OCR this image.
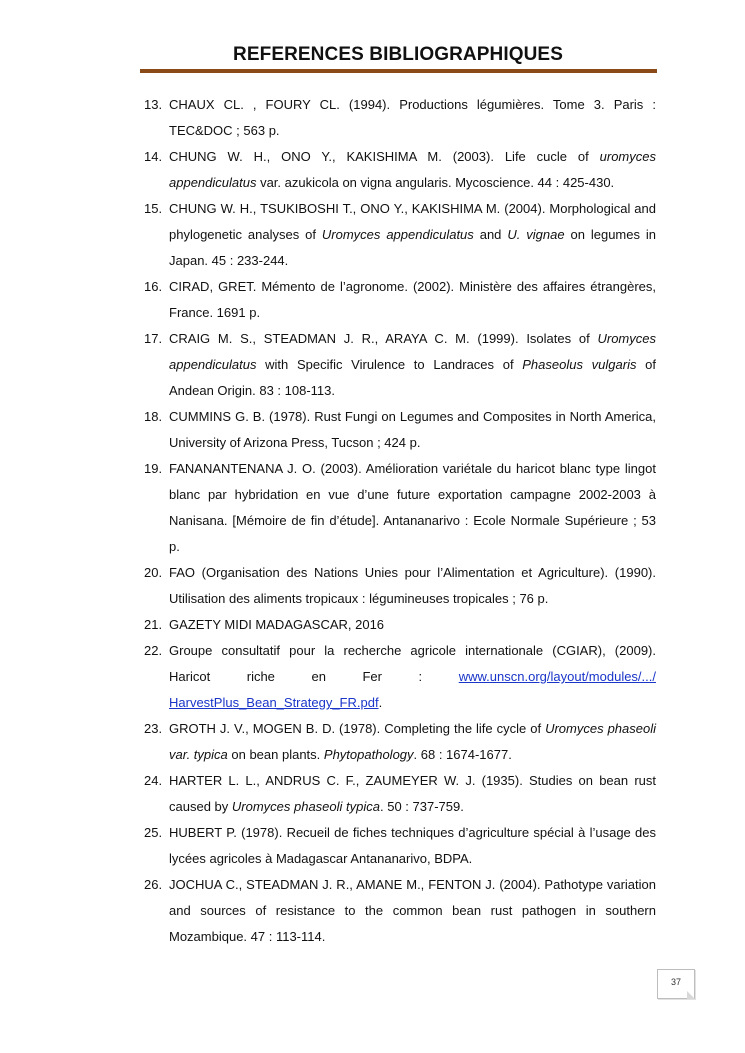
REFERENCES BIBLIOGRAPHIQUES
13. CHAUX CL. , FOURY CL. (1994). Productions légumières. Tome 3. Paris : TEC&DOC ; 563 p.
14. CHUNG W. H., ONO Y., KAKISHIMA M. (2003). Life cucle of uromyces appendiculatus var. azukicola on vigna angularis. Mycoscience. 44 : 425-430.
15. CHUNG W. H., TSUKIBOSHI T., ONO Y., KAKISHIMA M. (2004). Morphological and phylogenetic analyses of Uromyces appendiculatus and U. vignae on legumes in Japan. 45 : 233-244.
16. CIRAD, GRET. Mémento de l’agronome. (2002). Ministère des affaires étrangères, France. 1691 p.
17. CRAIG M. S., STEADMAN J. R., ARAYA C. M. (1999). Isolates of Uromyces appendiculatus with Specific Virulence to Landraces of Phaseolus vulgaris of Andean Origin. 83 : 108-113.
18. CUMMINS G. B. (1978). Rust Fungi on Legumes and Composites in North America, University of Arizona Press, Tucson ; 424 p.
19. FANANANTENANA J. O. (2003). Amélioration variétale du haricot blanc type lingot blanc par hybridation en vue d’une future exportation campagne 2002-2003 à Nanisana. [Mémoire de fin d’étude]. Antananarivo : Ecole Normale Supérieure ; 53 p.
20. FAO (Organisation des Nations Unies pour l’Alimentation et Agriculture). (1990). Utilisation des aliments tropicaux : légumineuses tropicales ; 76 p.
21. GAZETY MIDI MADAGASCAR, 2016
22. Groupe consultatif pour la recherche agricole internationale (CGIAR), (2009). Haricot riche en Fer : www.unscn.org/layout/modules/.../
HarvestPlus_Bean_Strategy_FR.pdf.
23. GROTH J. V., MOGEN B. D. (1978). Completing the life cycle of Uromyces phaseoli var. typica on bean plants. Phytopathology. 68 : 1674-1677.
24. HARTER L. L., ANDRUS C. F., ZAUMEYER W. J. (1935). Studies on bean rust caused by Uromyces phaseoli typica. 50 : 737-759.
25. HUBERT P. (1978). Recueil de fiches techniques d’agriculture spécial à l’usage des lycées agricoles à Madagascar Antananarivo, BDPA.
26. JOCHUA C., STEADMAN J. R., AMANE M., FENTON J. (2004). Pathotype variation and sources of resistance to the common bean rust pathogen in southern Mozambique. 47 : 113-114.
37
